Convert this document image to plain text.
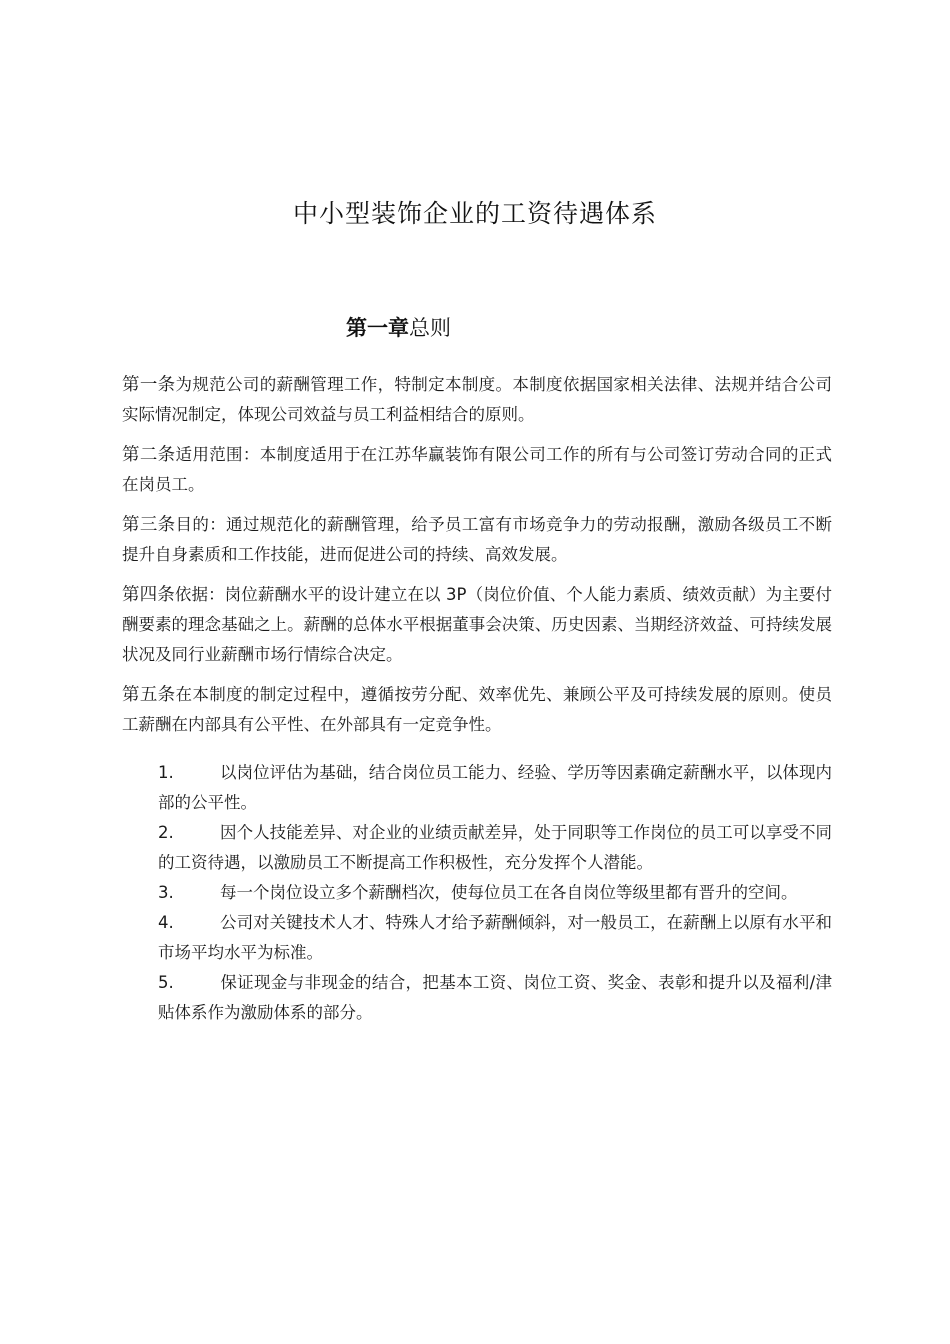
中小型装饰企业的工资待遇体系
第一章总则

第一条为规范公司的薪酬管理工作，特制定本制度。本制度依据国家相关法律、法规并结合公司实际情况制定，体现公司效益与员工利益相结合的原则。

第二条适用范围：本制度适用于在江苏华赢装饰有限公司工作的所有与公司签订劳动合同的正式在岗员工。

第三条目的：通过规范化的薪酬管理，给予员工富有市场竞争力的劳动报酬，激励各级员工不断提升自身素质和工作技能，进而促进公司的持续、高效发展。

第四条依据：岗位薪酬水平的设计建立在以 3P（岗位价值、个人能力素质、绩效贡献）为主要付酬要素的理念基础之上。薪酬的总体水平根据董事会决策、历史因素、当期经济效益、可持续发展状况及同行业薪酬市场行情综合决定。

第五条在本制度的制定过程中，遵循按劳分配、效率优先、兼顾公平及可持续发展的原则。使员工薪酬在内部具有公平性、在外部具有一定竞争性。

1.	以岗位评估为基础，结合岗位员工能力、经验、学历等因素确定薪酬水平，以体现内部的公平性。

2.	因个人技能差异、对企业的业绩贡献差异，处于同职等工作岗位的员工可以享受不同的工资待遇，以激励员工不断提高工作积极性，充分发挥个人潜能。

3.	每一个岗位设立多个薪酬档次，使每位员工在各自岗位等级里都有晋升的空间。

4.	公司对关键技术人才、特殊人才给予薪酬倾斜，对一般员工，在薪酬上以原有水平和市场平均水平为标准。

5.	保证现金与非现金的结合，把基本工资、岗位工资、奖金、表彰和提升以及福利/津贴体系作为激励体系的部分。
